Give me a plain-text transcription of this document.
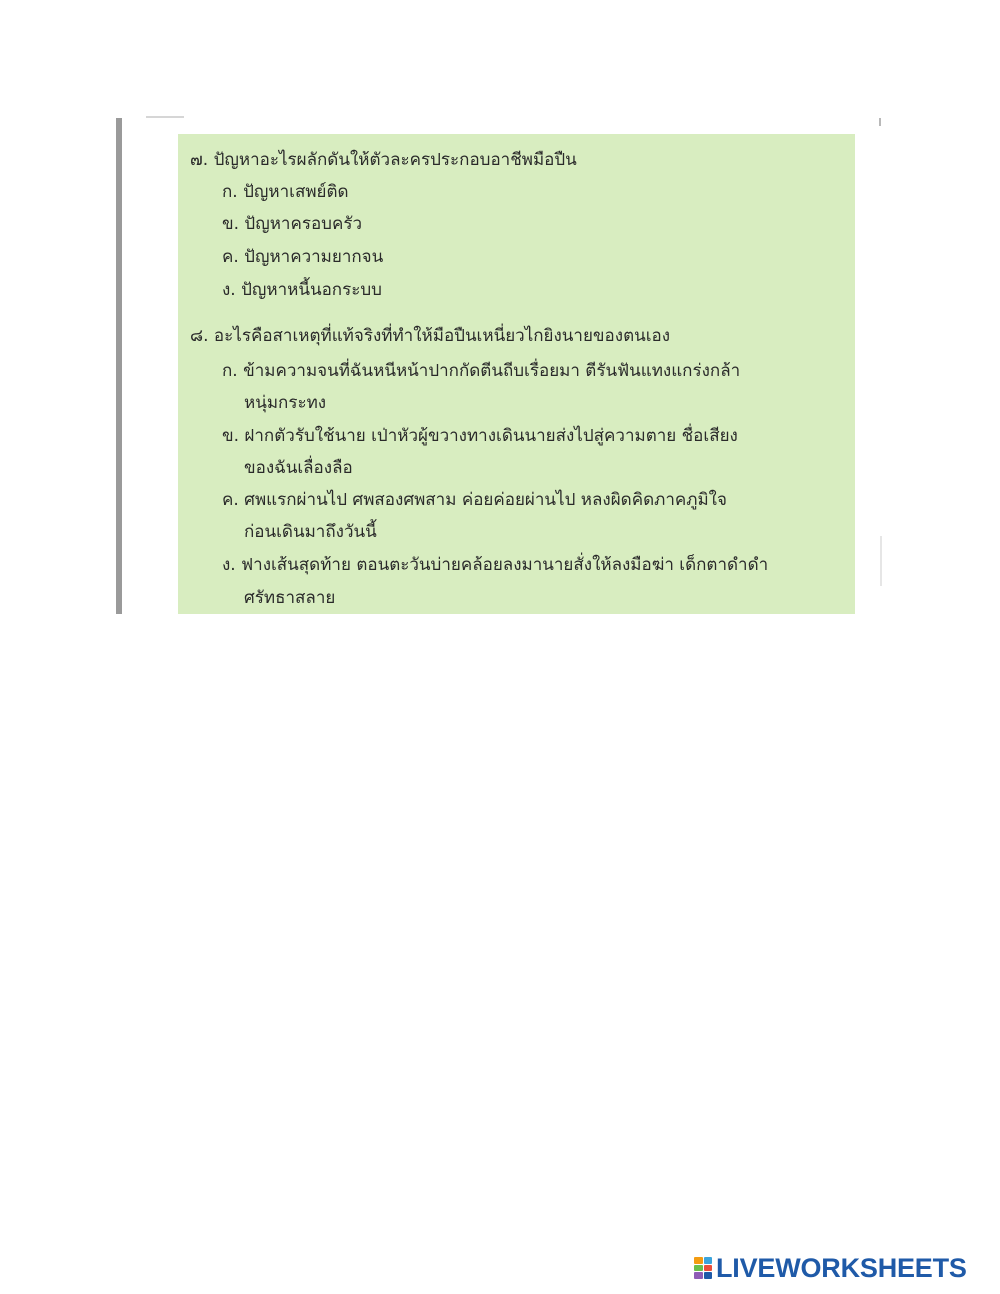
๗. ปัญหาอะไรผลักดันให้ตัวละครประกอบอาชีพมือปืน
ก. ปัญหาเสพย์ติด
ข. ปัญหาครอบครัว
ค. ปัญหาความยากจน
ง. ปัญหาหนี้นอกระบบ
๘. อะไรคือสาเหตุที่แท้จริงที่ทำให้มือปืนเหนี่ยวไกยิงนายของตนเอง
ก. ข้ามความจนที่ฉันหนีหน้าปากกัดตีนถีบเรื่อยมา ตีรันฟันแทงแกร่งกล้า
หนุ่มกระทง
ข. ฝากตัวรับใช้นาย เป่าหัวผู้ขวางทางเดินนายส่งไปสู่ความตาย ชื่อเสียง
ของฉันเลื่องลือ
ค. ศพแรกผ่านไป ศพสองศพสาม ค่อยค่อยผ่านไป หลงผิดคิดภาคภูมิใจ
ก่อนเดินมาถึงวันนี้
ง. ฟางเส้นสุดท้าย ตอนตะวันบ่ายคล้อยลงมานายสั่งให้ลงมือฆ่า เด็กตาดำดำ
ศรัทธาสลาย
LIVEWORKSHEETS
